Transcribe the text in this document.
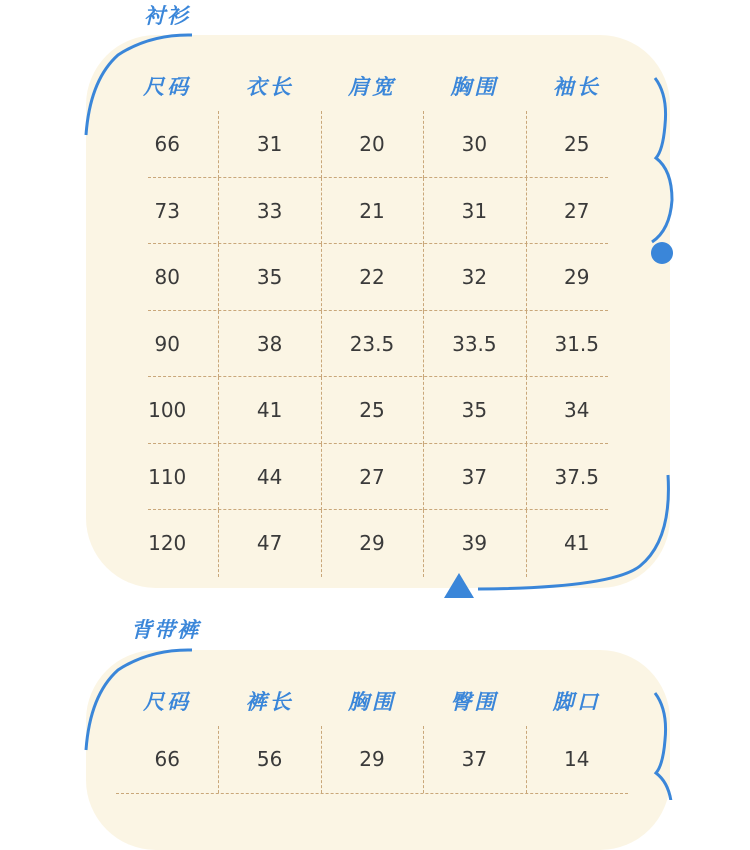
衬衫
尺码	衣长	肩宽	胸围	袖长
66	31	20	30	25
73	33	21	31	27
80	35	22	32	29
90	38	23.5	33.5	31.5
100	41	25	35	34
110	44	27	37	37.5
120	47	29	39	41
背带裤
尺码	裤长	胸围	臀围	脚口
66	56	29	37	14
